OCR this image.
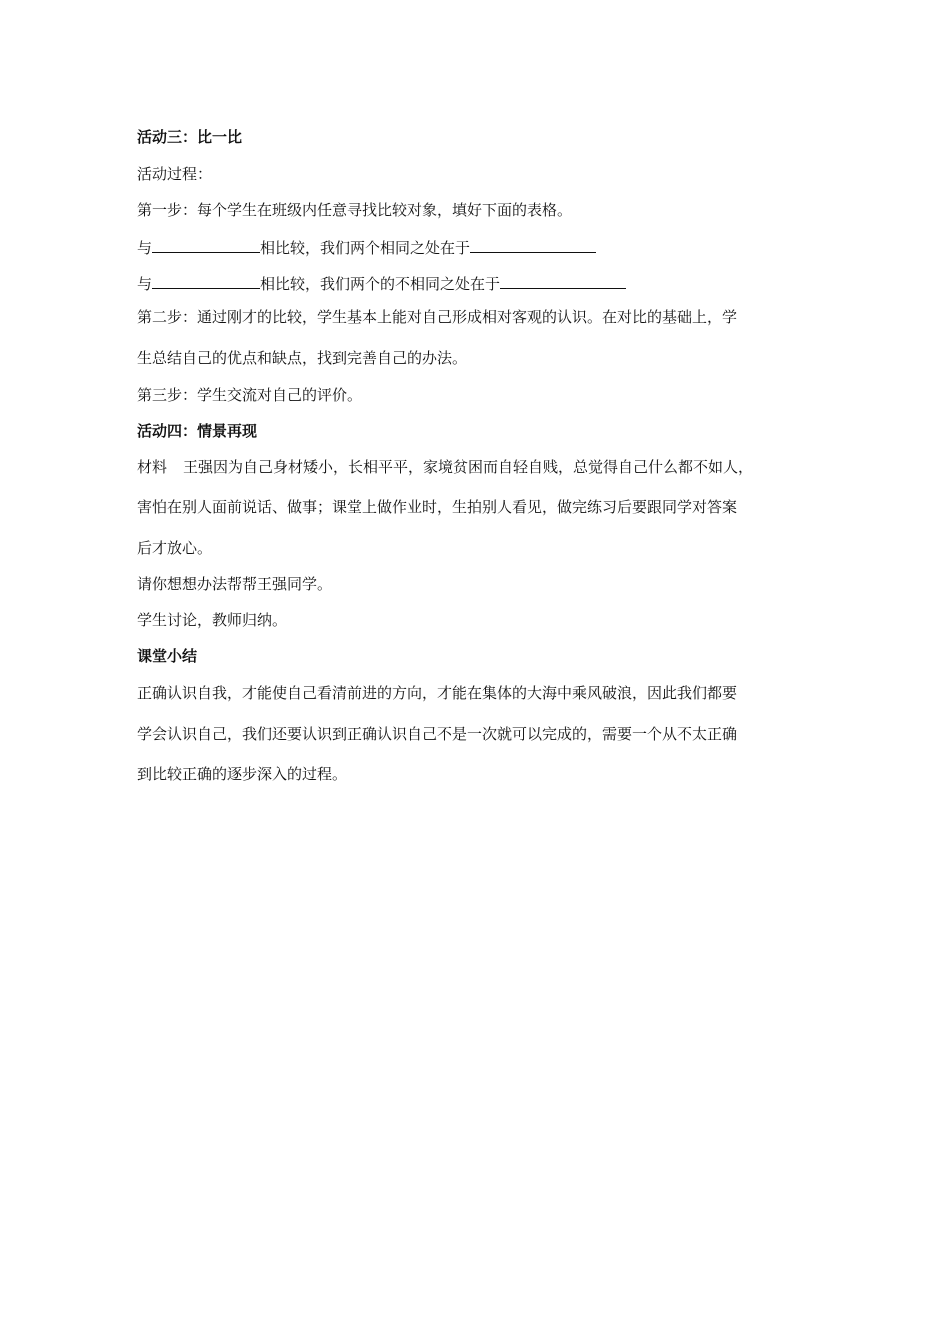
活动三：比一比
活动过程：
第一步：每个学生在班级内任意寻找比较对象，填好下面的表格。
与	相比较，我们两个相同之处在于
与	相比较，我们两个的不相同之处在于
第二步：通过刚才的比较，学生基本上能对自己形成相对客观的认识。在对比的基础上，学
生总结自己的优点和缺点，找到完善自己的办法。
第三步：学生交流对自己的评价。
活动四：情景再现
材料 王强因为自己身材矮小，长相平平，家境贫困而自轻自贱，总觉得自己什么都不如人，
害怕在别人面前说话、做事；课堂上做作业时，生拍别人看见，做完练习后要跟同学对答案
后才放心。
请你想想办法帮帮王强同学。
学生讨论，教师归纳。
课堂小结
正确认识自我，才能使自己看清前进的方向，才能在集体的大海中乘风破浪，因此我们都要
学会认识自己，我们还要认识到正确认识自己不是一次就可以完成的，需要一个从不太正确
到比较正确的逐步深入的过程。
